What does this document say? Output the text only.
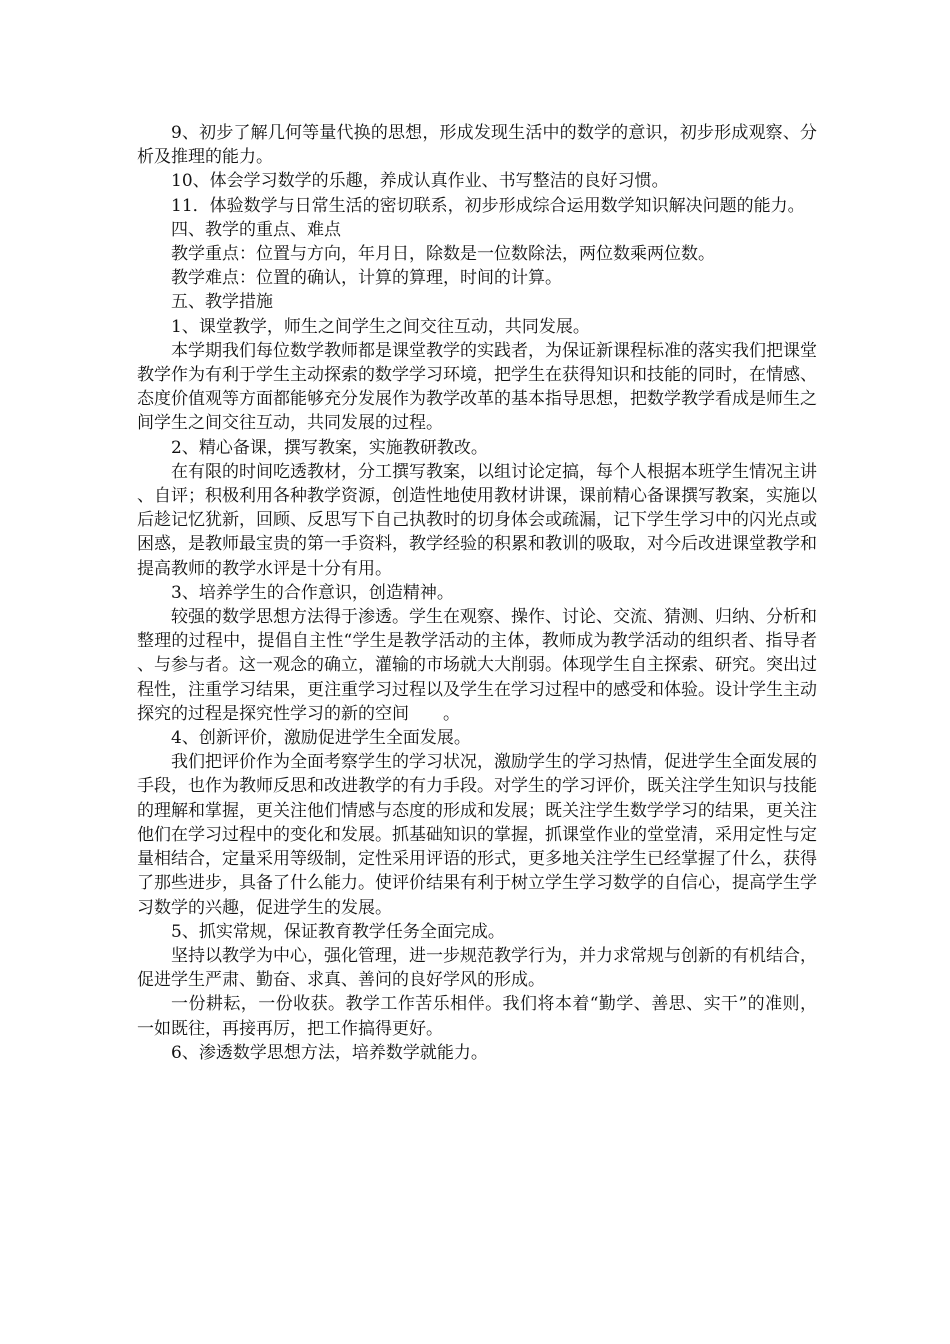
9、初步了解几何等量代换的思想，形成发现生活中的数学的意识，初步形成观察、分析及推理的能力。

10、体会学习数学的乐趣，养成认真作业、书写整洁的良好习惯。

11．体验数学与日常生活的密切联系，初步形成综合运用数学知识解决问题的能力。

四、教学的重点、难点

教学重点：位置与方向，年月日，除数是一位数除法，两位数乘两位数。

教学难点：位置的确认，计算的算理，时间的计算。

五、教学措施

1、课堂教学，师生之间学生之间交往互动，共同发展。

本学期我们每位数学教师都是课堂教学的实践者，为保证新课程标准的落实我们把课堂教学作为有利于学生主动探索的数学学习环境，把学生在获得知识和技能的同时，在情感、态度价值观等方面都能够充分发展作为教学改革的基本指导思想，把数学教学看成是师生之间学生之间交往互动，共同发展的过程。

2、精心备课，撰写教案，实施教研教改。

在有限的时间吃透教材，分工撰写教案，以组讨论定搞，每个人根据本班学生情况主讲、自评；积极利用各种教学资源，创造性地使用教材讲课，课前精心备课撰写教案，实施以后趁记忆犹新，回顾、反思写下自己执教时的切身体会或疏漏，记下学生学习中的闪光点或困惑，是教师最宝贵的第一手资料，教学经验的积累和教训的吸取，对今后改进课堂教学和提高教师的教学水评是十分有用。

3、培养学生的合作意识，创造精神。

较强的数学思想方法得于渗透。学生在观察、操作、讨论、交流、猜测、归纳、分析和整理的过程中，提倡自主性“学生是教学活动的主体，教师成为教学活动的组织者、指导者、与参与者。这一观念的确立，灌输的市场就大大削弱。体现学生自主探索、研究。突出过程性，注重学习结果，更注重学习过程以及学生在学习过程中的感受和体验。设计学生主动探究的过程是探究性学习的新的空间　　。

4、创新评价，激励促进学生全面发展。

我们把评价作为全面考察学生的学习状况，激励学生的学习热情，促进学生全面发展的手段，也作为教师反思和改进教学的有力手段。对学生的学习评价，既关注学生知识与技能的理解和掌握，更关注他们情感与态度的形成和发展；既关注学生数学学习的结果，更关注他们在学习过程中的变化和发展。抓基础知识的掌握，抓课堂作业的堂堂清，采用定性与定量相结合，定量采用等级制，定性采用评语的形式，更多地关注学生已经掌握了什么，获得了那些进步，具备了什么能力。使评价结果有利于树立学生学习数学的自信心，提高学生学习数学的兴趣，促进学生的发展。

5、抓实常规，保证教育教学任务全面完成。

坚持以教学为中心，强化管理，进一步规范教学行为，并力求常规与创新的有机结合，促进学生严肃、勤奋、求真、善问的良好学风的形成。

一份耕耘，一份收获。教学工作苦乐相伴。我们将本着“勤学、善思、实干”的准则，一如既往，再接再厉，把工作搞得更好。

6、渗透数学思想方法，培养数学就能力。
